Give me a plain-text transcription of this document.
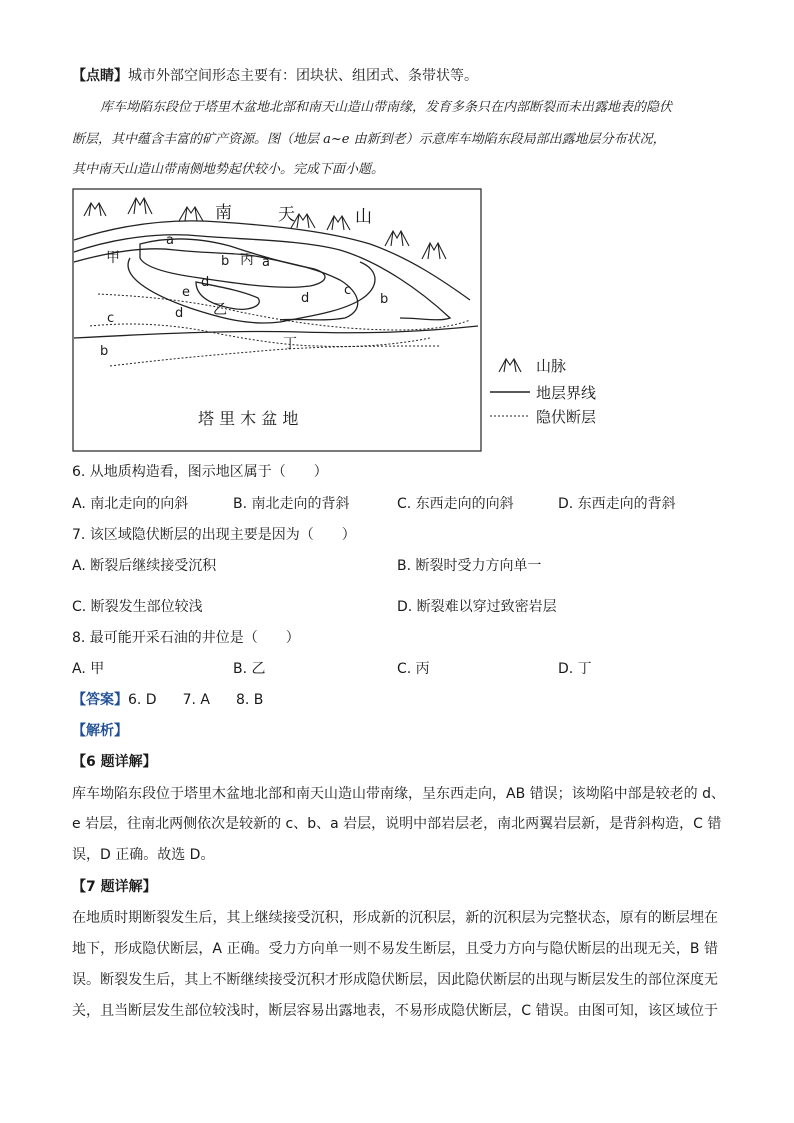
【点睛】城市外部空间形态主要有：团块状、组团式、条带状等。
库车坳陷东段位于塔里木盆地北部和南天山造山带南缘，发育多条只在内部断裂而未出露地表的隐伏
断层，其中蕴含丰富的矿产资源。图（地层 a~e 由新到老）示意库车坳陷东段局部出露地层分布状况，
其中南天山造山带南侧地势起伏较小。完成下面小题。
南	天	山
a
a
b
c
d
e	d
d
c
b
b
甲
乙
丙
丁
塔 里 木 盆 地
山脉
地层界线
隐伏断层
6. 从地质构造看，图示地区属于（　　）
A. 南北走向的向斜	B. 南北走向的背斜	C. 东西走向的向斜	D. 东西走向的背斜
7. 该区域隐伏断层的出现主要是因为（　　）
A. 断裂后继续接受沉积	B. 断裂时受力方向单一
C. 断裂发生部位较浅	D. 断裂难以穿过致密岩层
8. 最可能开采石油的井位是（　　）
A. 甲	B. 乙	C. 丙	D. 丁
【答案】6. D 7. A 8. B
【解析】
【6 题详解】
库车坳陷东段位于塔里木盆地北部和南天山造山带南缘，呈东西走向，AB 错误；该坳陷中部是较老的 d、
e 岩层，往南北两侧依次是较新的 c、b、a 岩层，说明中部岩层老，南北两翼岩层新，是背斜构造，C 错
误，D 正确。故选 D。
【7 题详解】
在地质时期断裂发生后，其上继续接受沉积，形成新的沉积层，新的沉积层为完整状态，原有的断层埋在
地下，形成隐伏断层，A 正确。受力方向单一则不易发生断层，且受力方向与隐伏断层的出现无关，B 错
误。断裂发生后，其上不断继续接受沉积才形成隐伏断层，因此隐伏断层的出现与断层发生的部位深度无
关，且当断层发生部位较浅时，断层容易出露地表，不易形成隐伏断层，C 错误。由图可知，该区域位于
